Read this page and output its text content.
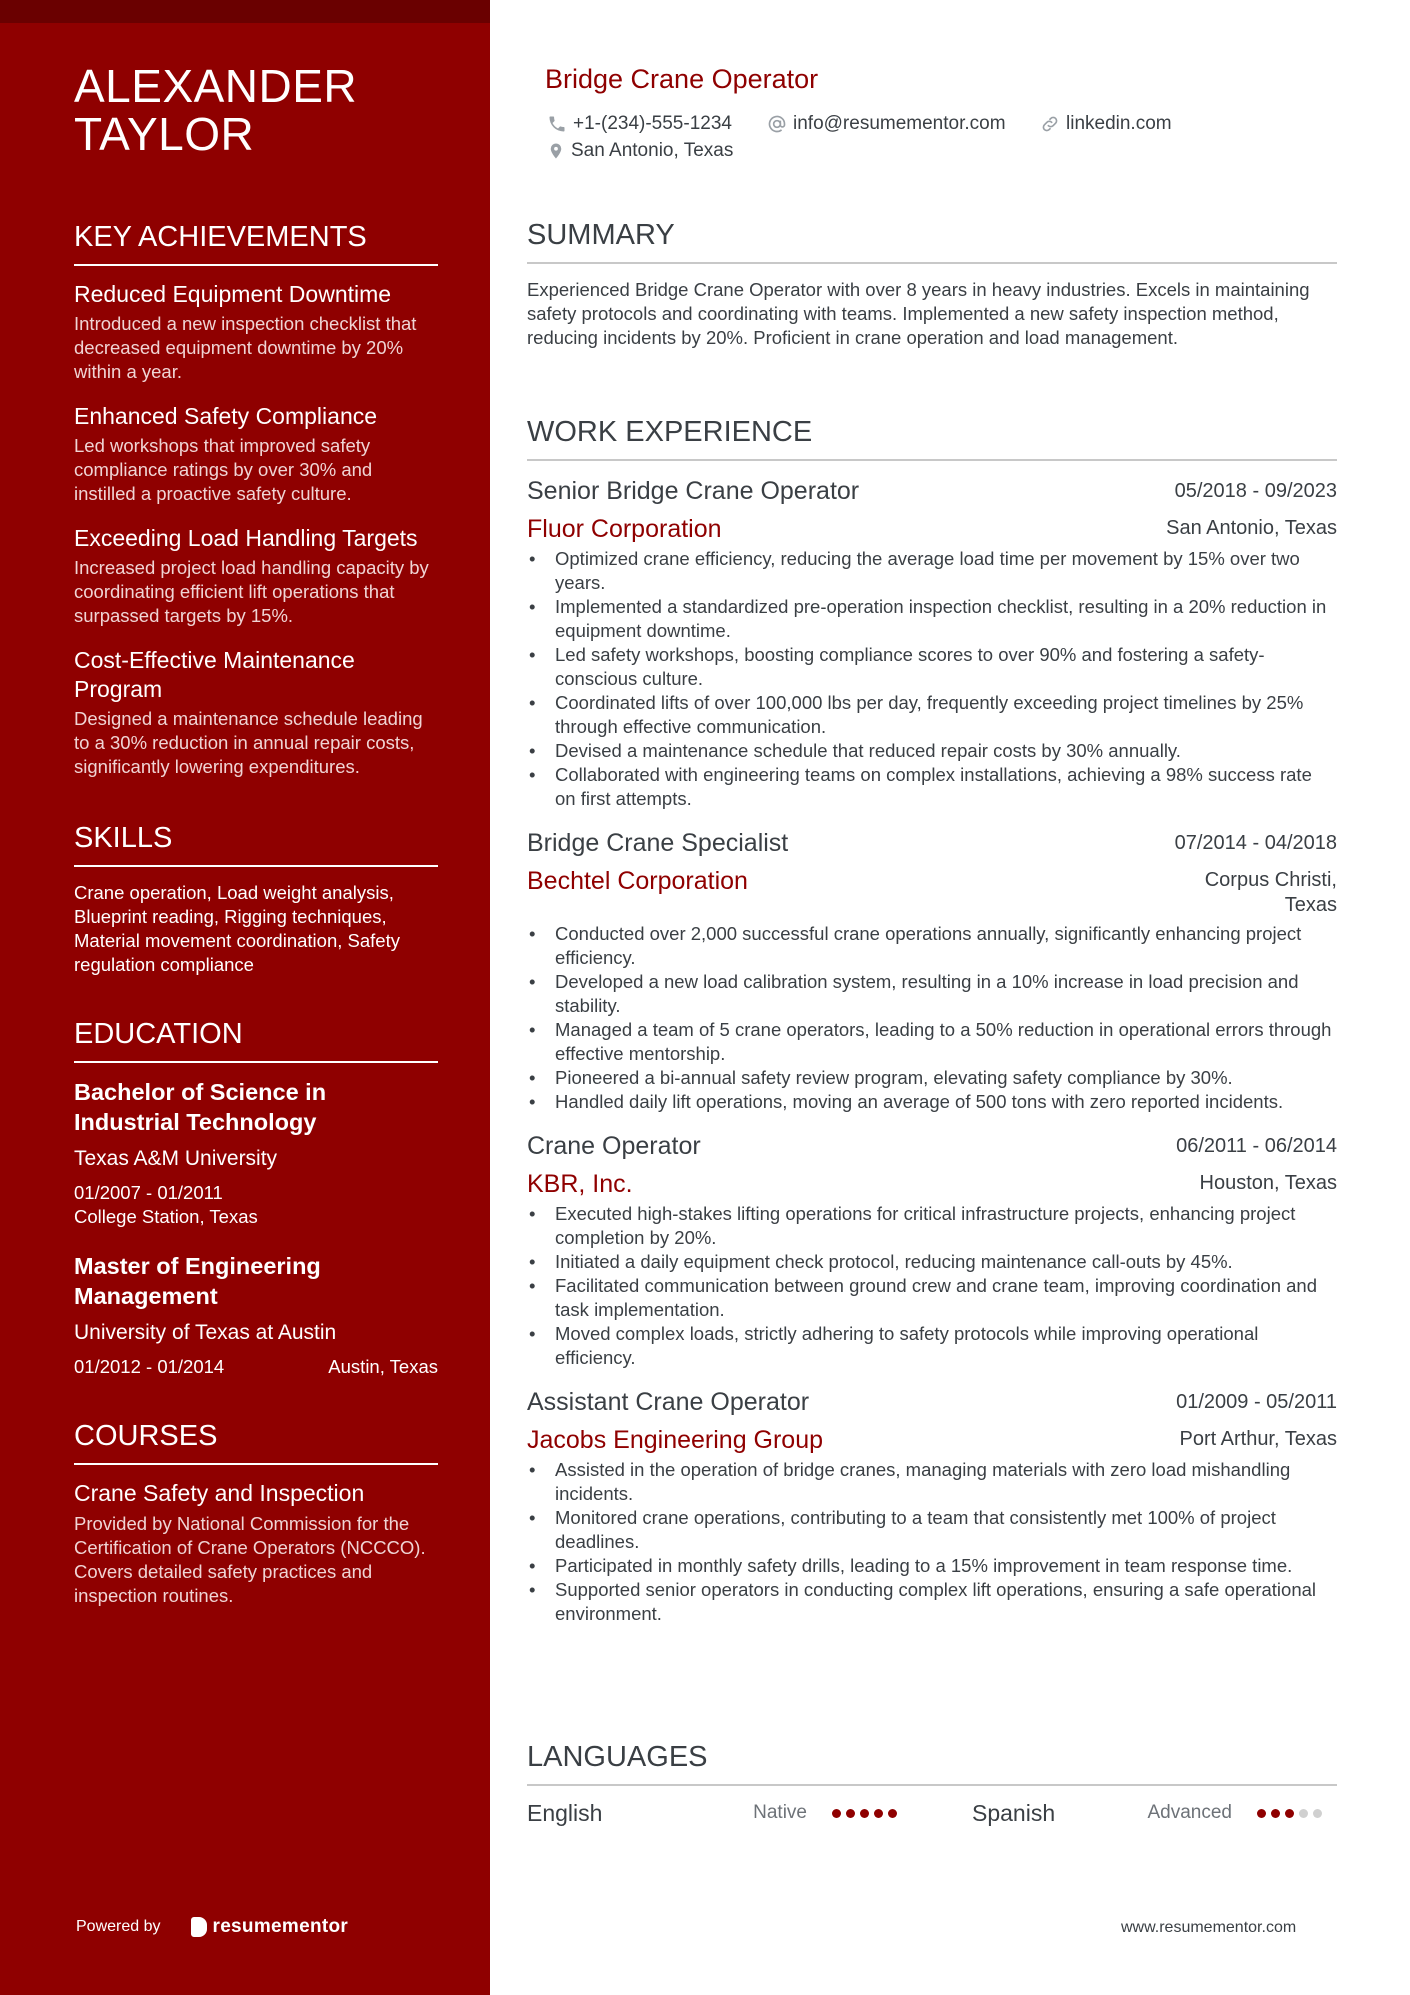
ALEXANDER TAYLOR
KEY ACHIEVEMENTS
Reduced Equipment Downtime
Introduced a new inspection checklist that decreased equipment downtime by 20% within a year.
Enhanced Safety Compliance
Led workshops that improved safety compliance ratings by over 30% and instilled a proactive safety culture.
Exceeding Load Handling Targets
Increased project load handling capacity by coordinating efficient lift operations that surpassed targets by 15%.
Cost-Effective Maintenance Program
Designed a maintenance schedule leading to a 30% reduction in annual repair costs, significantly lowering expenditures.
SKILLS
Crane operation, Load weight analysis, Blueprint reading, Rigging techniques, Material movement coordination, Safety regulation compliance
EDUCATION
Bachelor of Science in Industrial Technology
Texas A&M University
01/2007 - 01/2011
College Station, Texas
Master of Engineering Management
University of Texas at Austin
01/2012 - 01/2014	Austin, Texas
COURSES
Crane Safety and Inspection
Provided by National Commission for the Certification of Crane Operators (NCCCO). Covers detailed safety practices and inspection routines.
Powered by	resumementor
Bridge Crane Operator
+1-(234)-555-1234	info@resumementor.com	linkedin.com
San Antonio, Texas
SUMMARY
Experienced Bridge Crane Operator with over 8 years in heavy industries. Excels in maintaining safety protocols and coordinating with teams. Implemented a new safety inspection method, reducing incidents by 20%. Proficient in crane operation and load management.
WORK EXPERIENCE
Senior Bridge Crane Operator	05/2018 - 09/2023
Fluor Corporation	San Antonio, Texas
• Optimized crane efficiency, reducing the average load time per movement by 15% over two years.
• Implemented a standardized pre-operation inspection checklist, resulting in a 20% reduction in equipment downtime.
• Led safety workshops, boosting compliance scores to over 90% and fostering a safety-conscious culture.
• Coordinated lifts of over 100,000 lbs per day, frequently exceeding project timelines by 25% through effective communication.
• Devised a maintenance schedule that reduced repair costs by 30% annually.
• Collaborated with engineering teams on complex installations, achieving a 98% success rate on first attempts.
Bridge Crane Specialist	07/2014 - 04/2018
Bechtel Corporation	Corpus Christi, Texas
• Conducted over 2,000 successful crane operations annually, significantly enhancing project efficiency.
• Developed a new load calibration system, resulting in a 10% increase in load precision and stability.
• Managed a team of 5 crane operators, leading to a 50% reduction in operational errors through effective mentorship.
• Pioneered a bi-annual safety review program, elevating safety compliance by 30%.
• Handled daily lift operations, moving an average of 500 tons with zero reported incidents.
Crane Operator	06/2011 - 06/2014
KBR, Inc.	Houston, Texas
• Executed high-stakes lifting operations for critical infrastructure projects, enhancing project completion by 20%.
• Initiated a daily equipment check protocol, reducing maintenance call-outs by 45%.
• Facilitated communication between ground crew and crane team, improving coordination and task implementation.
• Moved complex loads, strictly adhering to safety protocols while improving operational efficiency.
Assistant Crane Operator	01/2009 - 05/2011
Jacobs Engineering Group	Port Arthur, Texas
• Assisted in the operation of bridge cranes, managing materials with zero load mishandling incidents.
• Monitored crane operations, contributing to a team that consistently met 100% of project deadlines.
• Participated in monthly safety drills, leading to a 15% improvement in team response time.
• Supported senior operators in conducting complex lift operations, ensuring a safe operational environment.
LANGUAGES
English	Native	Spanish	Advanced
www.resumementor.com
